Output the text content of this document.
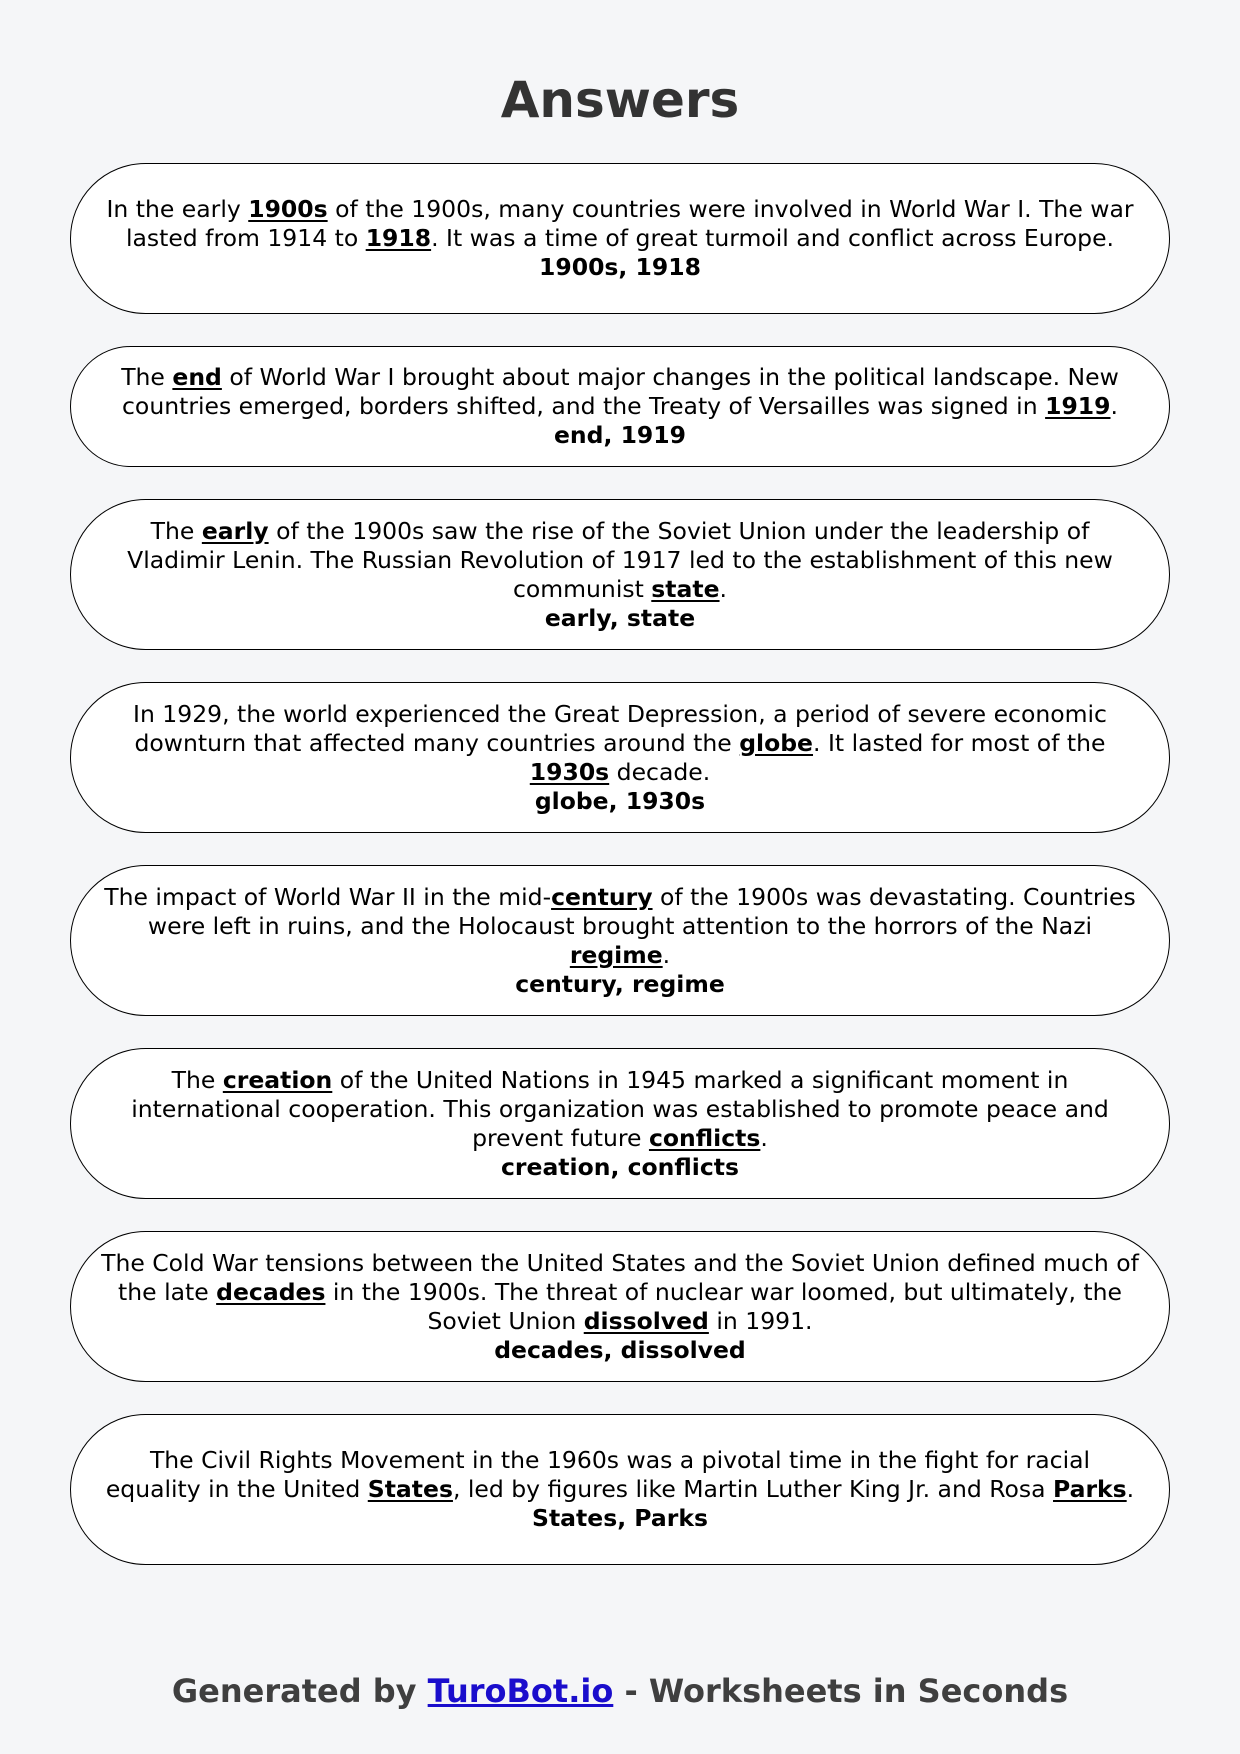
Answers

In the early 1900s of the 1900s, many countries were involved in World War I. The war lasted from 1914 to 1918. It was a time of great turmoil and conflict across Europe.

1900s, 1918

The end of World War I brought about major changes in the political landscape. New countries emerged, borders shifted, and the Treaty of Versailles was signed in 1919.

end, 1919

The early of the 1900s saw the rise of the Soviet Union under the leadership of Vladimir Lenin. The Russian Revolution of 1917 led to the establishment of this new communist state.

early, state

In 1929, the world experienced the Great Depression, a period of severe economic downturn that affected many countries around the globe. It lasted for most of the 1930s decade.

globe, 1930s

The impact of World War II in the mid-century of the 1900s was devastating. Countries were left in ruins, and the Holocaust brought attention to the horrors of the Nazi regime.

century, regime

The creation of the United Nations in 1945 marked a significant moment in international cooperation. This organization was established to promote peace and prevent future conflicts.

creation, conflicts

The Cold War tensions between the United States and the Soviet Union defined much of the late decades in the 1900s. The threat of nuclear war loomed, but ultimately, the Soviet Union dissolved in 1991.

decades, dissolved

The Civil Rights Movement in the 1960s was a pivotal time in the fight for racial equality in the United States, led by figures like Martin Luther King Jr. and Rosa Parks.

States, Parks

Generated by TuroBot.io - Worksheets in Seconds
